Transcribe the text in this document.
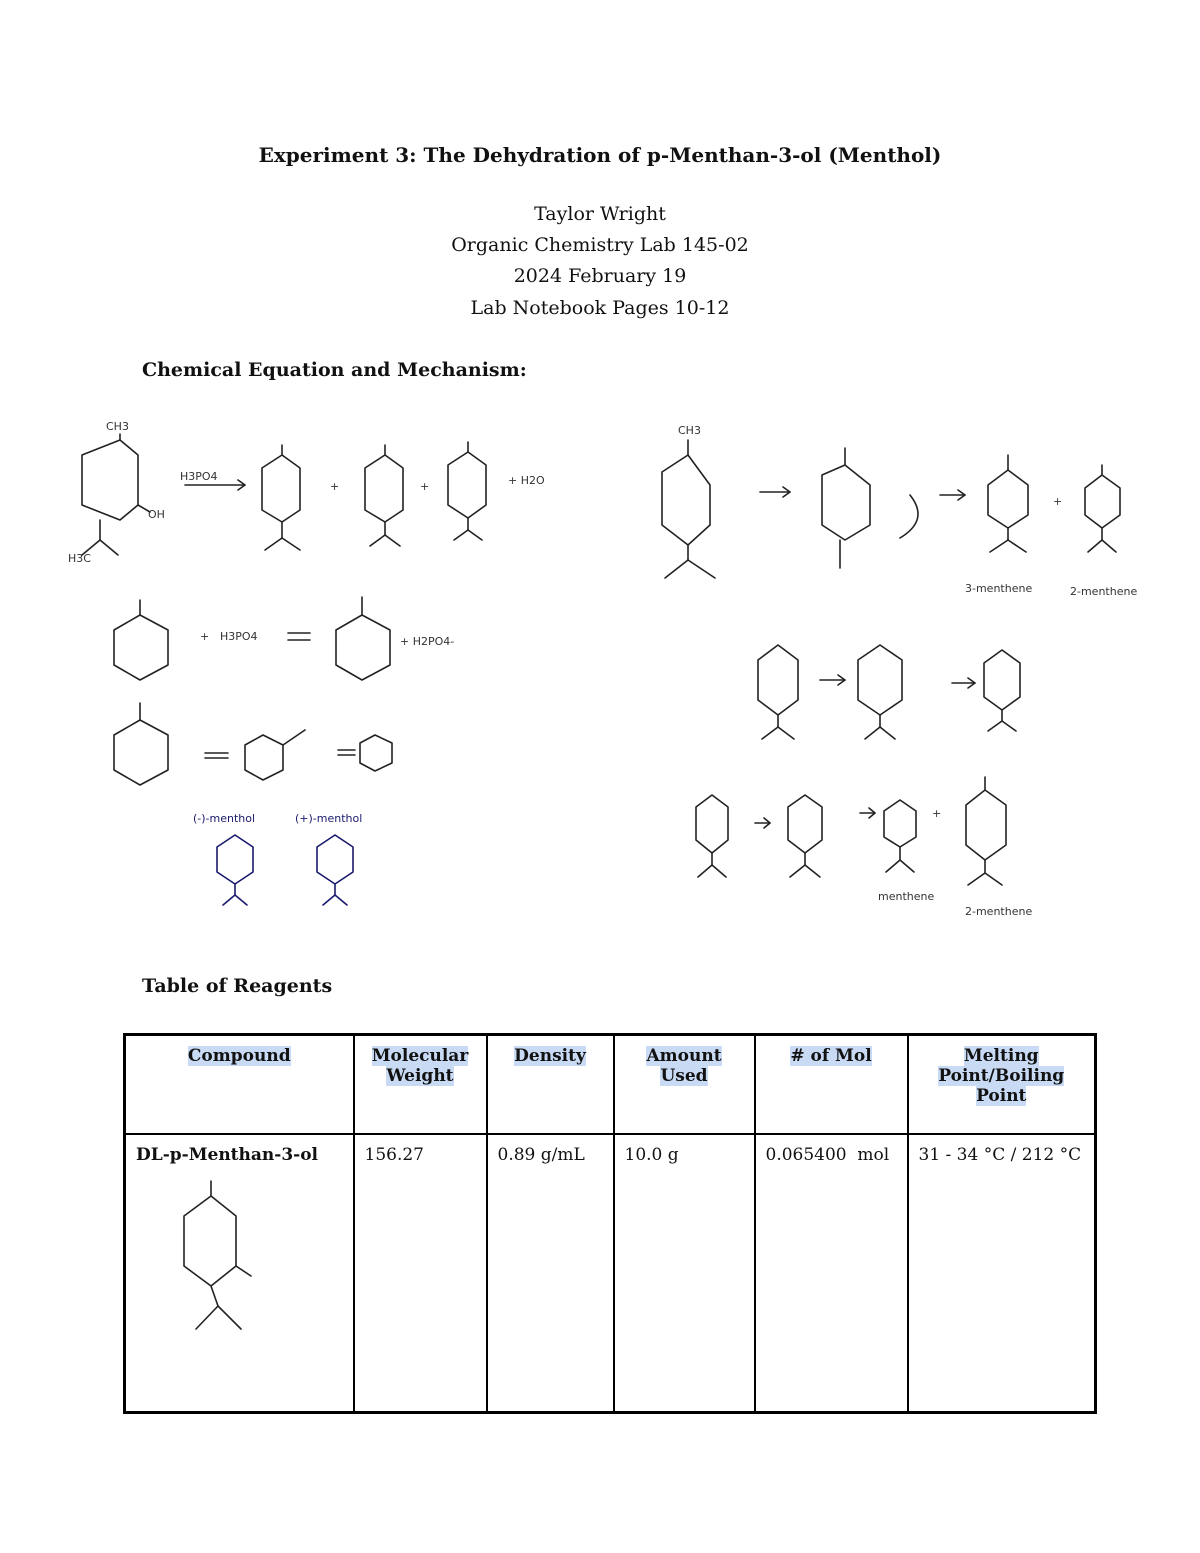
Experiment 3: The Dehydration of p-Menthan-3-ol (Menthol)
Taylor Wright
Organic Chemistry Lab 145-02
2024 February 19
Lab Notebook Pages 10-12
Chemical Equation and Mechanism:
CH3
OH
H3C
H3PO4
+	+	+ H2O
+ H3PO4	+ H2PO4-
(-)-menthol	(+)-menthol
CH3
3-menthene
+
2-menthene
menthene
+
2-menthene
Table of Reagents
Compound	Molecular Weight	Density	Amount Used	# of Mol	Melting Point/Boiling Point

DL-p-Menthan-3-ol	156.27	0.89 g/mL	10.0 g	0.065400  mol	31 - 34 °C / 212 °C
